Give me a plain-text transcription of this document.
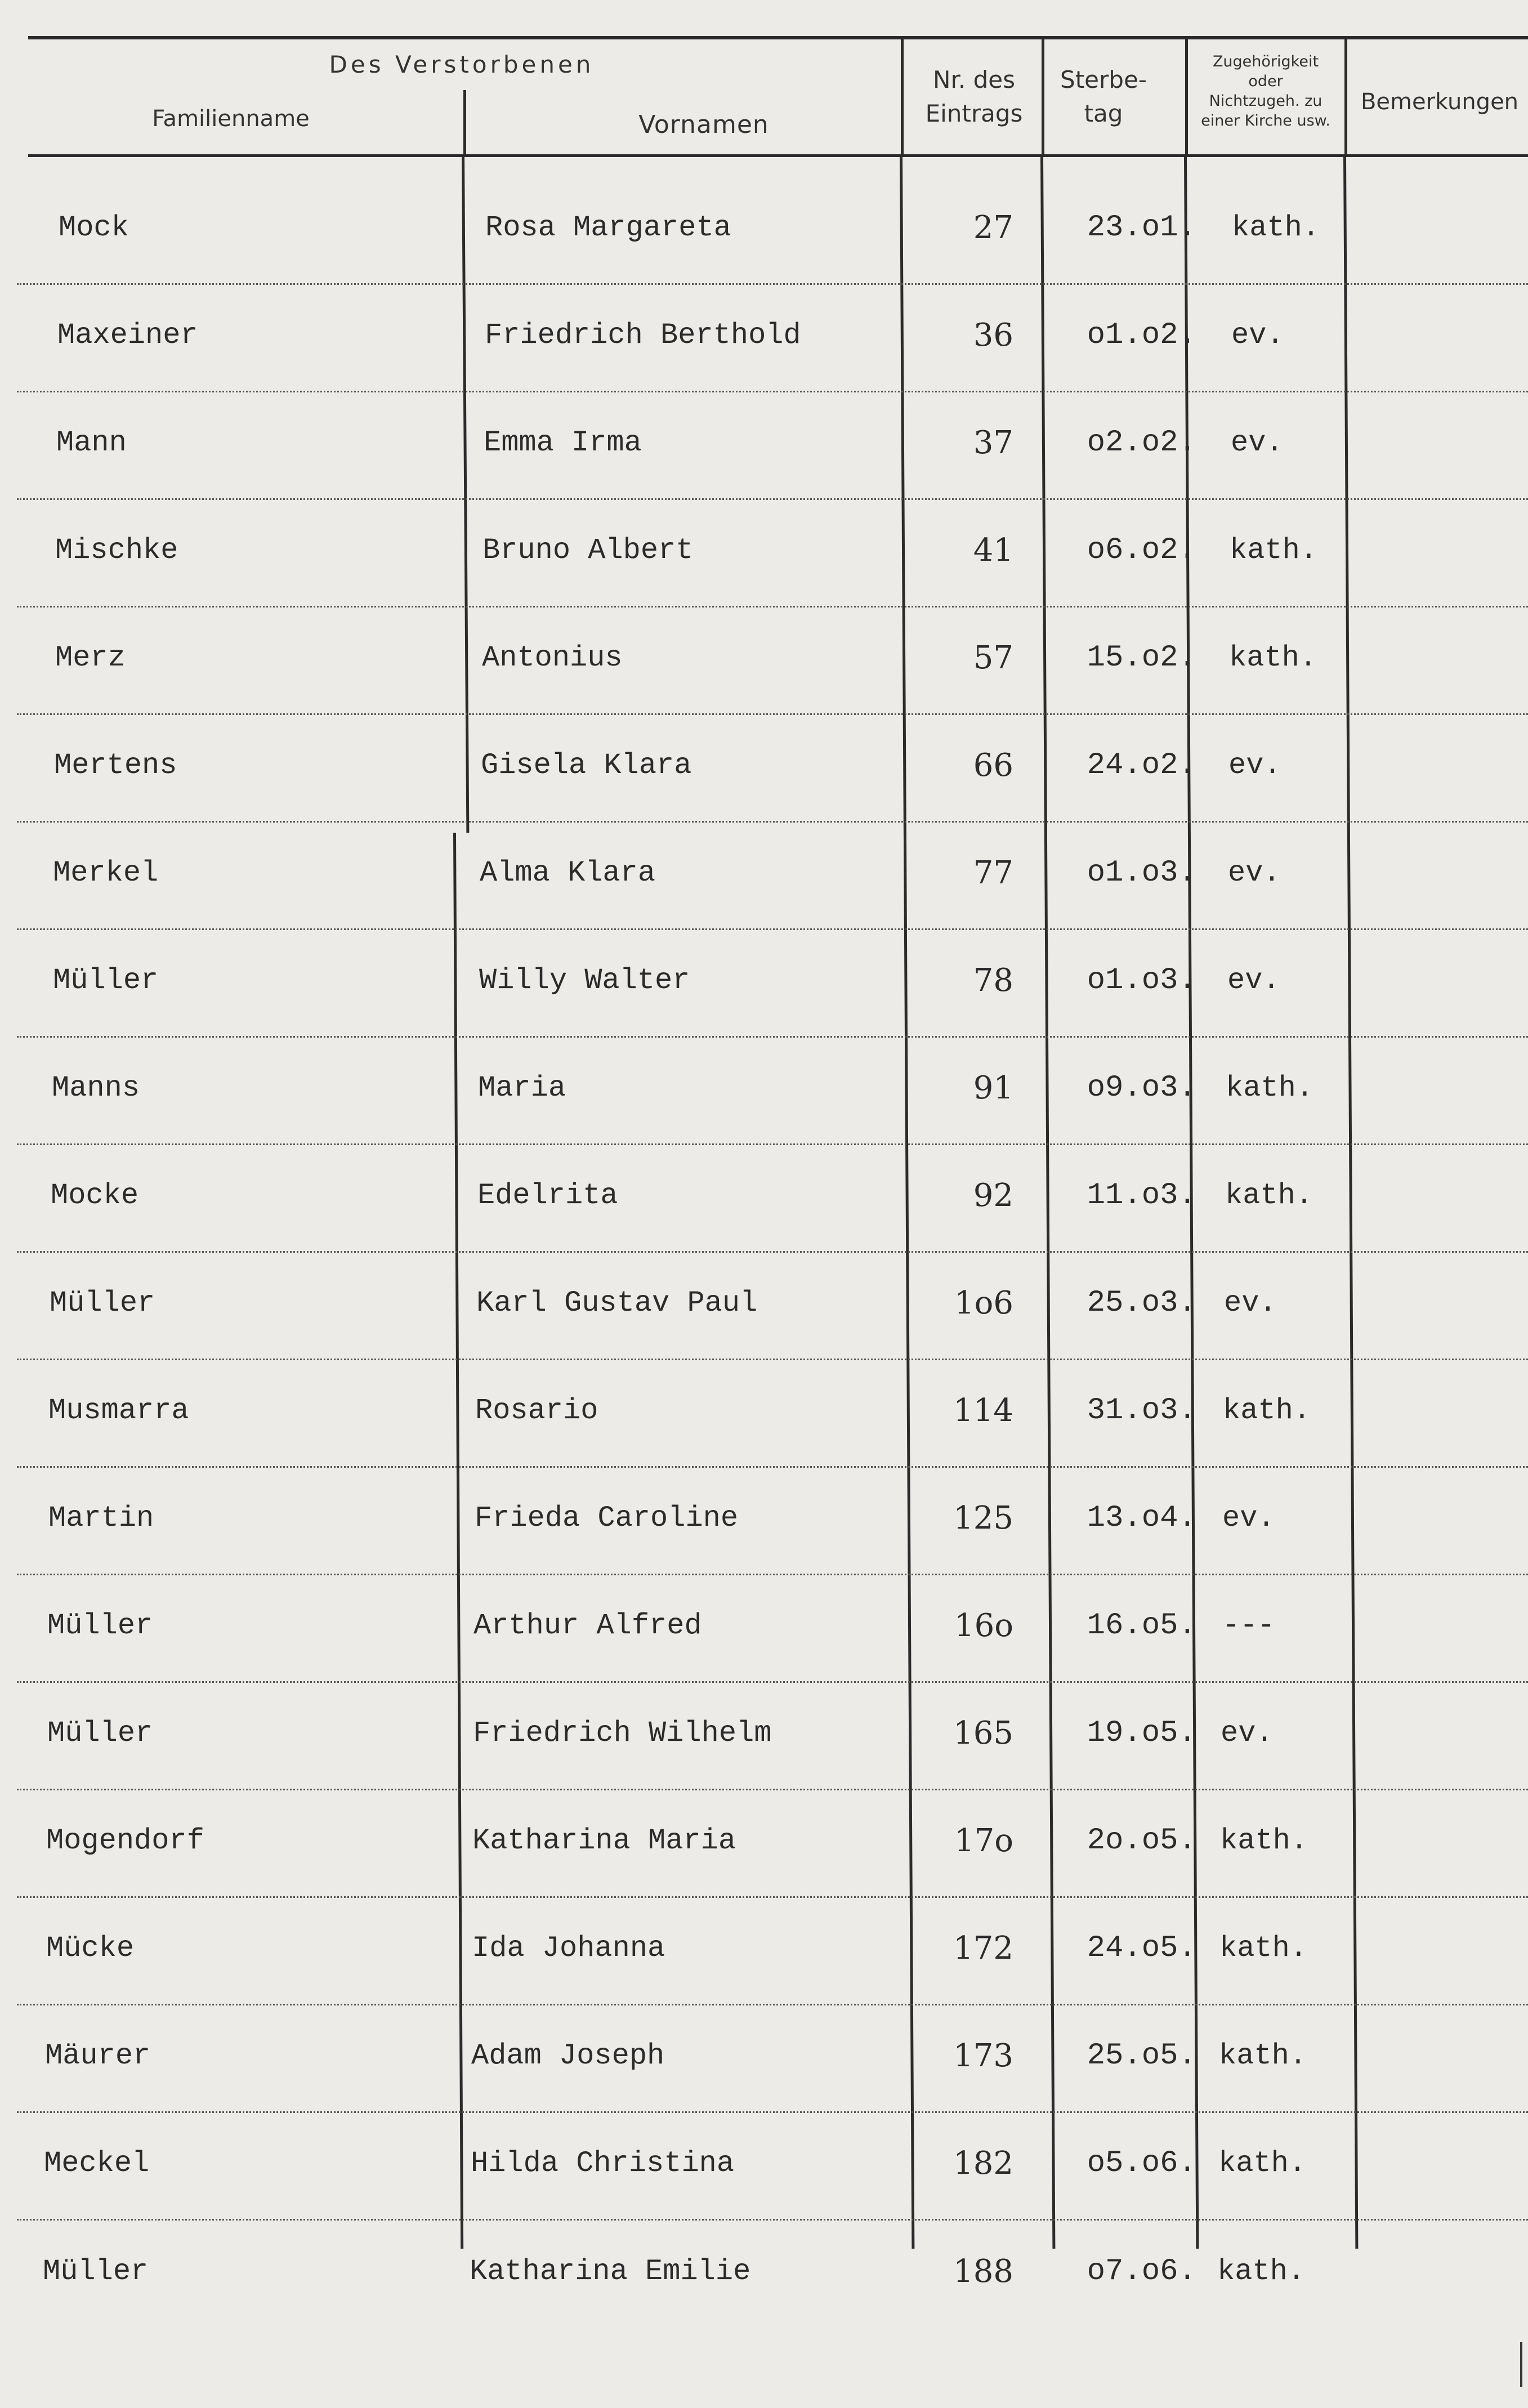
Des Verstorbenen
Familienname	Vornamen
Nr. des
Eintrags
Sterbe-
tag
Zugehörigkeit
oder
Nichtzugeh. zu
einer Kirche usw.
Bemerkungen
Mock	Rosa Margareta	27	23.o1. kath.
Maxeiner	Friedrich Berthold	36	o1.o2. ev.
Mann	Emma Irma	37	o2.o2. ev.
Mischke	Bruno Albert	41	o6.o2. kath.
Merz	Antonius	57	15.o2. kath.
Mertens	Gisela Klara	66	24.o2. ev.
Merkel	Alma Klara	77	o1.o3. ev.
Müller	Willy Walter	78	o1.o3. ev.
Manns	Maria	91	o9.o3. kath.
Mocke	Edelrita	92	11.o3. kath.
Müller	Karl Gustav Paul	1o6	25.o3. ev.
Musmarra	Rosario	114	31.o3. kath.
Martin	Frieda Caroline	125	13.o4. ev.
Müller	Arthur Alfred	16o	16.o5. ---
Müller	Friedrich Wilhelm	165	19.o5. ev.
Mogendorf	Katharina Maria	17o	2o.o5. kath.
Mücke	Ida Johanna	172	24.o5. kath.
Mäurer	Adam Joseph	173	25.o5. kath.
Meckel	Hilda Christina	182	o5.o6. kath.
Müller	Katharina Emilie	188	o7.o6. kath.
